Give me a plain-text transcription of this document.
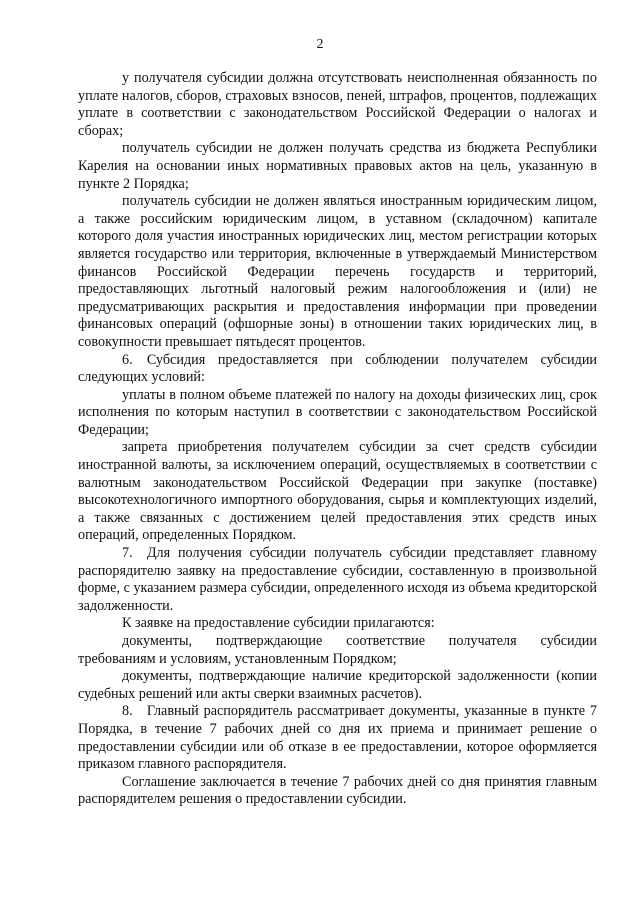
2

у получателя субсидии должна отсутствовать неисполненная обязанность по уплате налогов, сборов, страховых взносов, пеней, штрафов, процентов, подлежащих уплате в соответствии с законодательством Российской Федерации о налогах и сборах;

получатель субсидии не должен получать средства из бюджета Республики Карелия на основании иных нормативных правовых актов на цель, указанную в пункте 2 Порядка;

получатель субсидии не должен являться иностранным юридическим лицом, а также российским юридическим лицом, в уставном (складочном) капитале которого доля участия иностранных юридических лиц, местом регистрации которых является государство или территория, включенные в утверждаемый Министерством финансов Российской Федерации перечень государств и территорий, предоставляющих льготный налоговый режим налогообложения и (или) не предусматривающих раскрытия и предоставления информации при проведении финансовых операций (офшорные зоны) в отношении таких юридических лиц, в совокупности превышает пятьдесят процентов.

6. Субсидия предоставляется при соблюдении получателем субсидии следующих условий:

уплаты в полном объеме платежей по налогу на доходы физических лиц, срок исполнения по которым наступил в соответствии с законодательством Российской Федерации;

запрета приобретения получателем субсидии за счет средств субсидии иностранной валюты, за исключением операций, осуществляемых в соответствии с валютным законодательством Российской Федерации при закупке (поставке) высокотехнологичного импортного оборудования, сырья и комплектующих изделий, а также связанных с достижением целей предоставления этих средств иных операций, определенных Порядком.

7. Для получения субсидии получатель субсидии представляет главному распорядителю заявку на предоставление субсидии, составленную в произвольной форме, с указанием размера субсидии, определенного исходя из объема кредиторской задолженности.

К заявке на предоставление субсидии прилагаются:

документы, подтверждающие соответствие получателя субсидии требованиям и условиям, установленным Порядком;

документы, подтверждающие наличие кредиторской задолженности (копии судебных решений или акты сверки взаимных расчетов).

8. Главный распорядитель рассматривает документы, указанные в пункте 7 Порядка, в течение 7 рабочих дней со дня их приема и принимает решение о предоставлении субсидии или об отказе в ее предоставлении, которое оформляется приказом главного распорядителя.

Соглашение заключается в течение 7 рабочих дней со дня принятия главным распорядителем решения о предоставлении субсидии.
